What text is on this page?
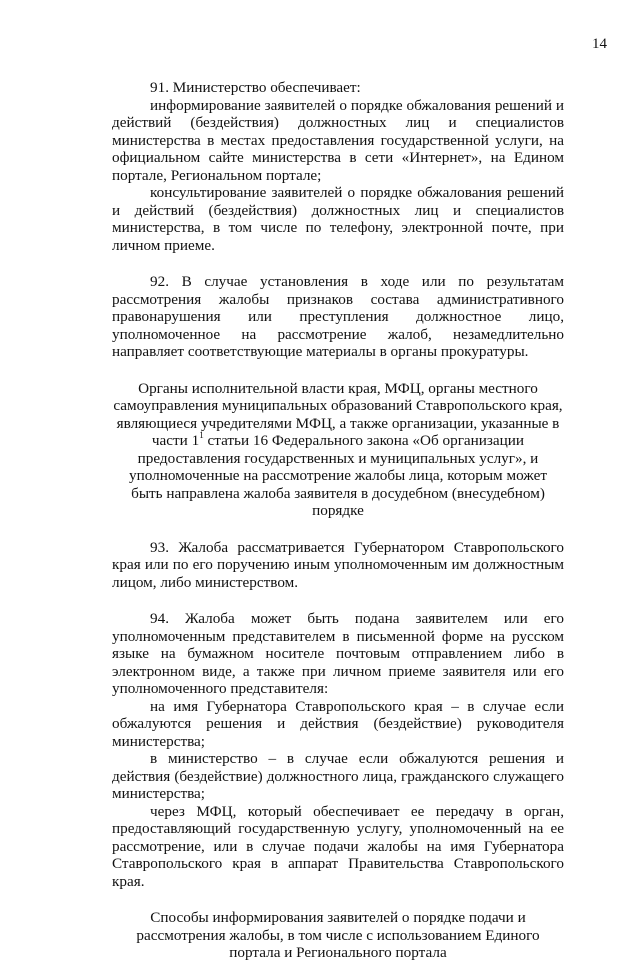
14

91. Министерство обеспечивает:

информирование заявителей о порядке обжалования решений и действий (бездействия) должностных лиц и специалистов министерства в местах предоставления государственной услуги, на официальном сайте министерства в сети «Интернет», на Едином портале, Региональном портале;

консультирование заявителей о порядке обжалования решений и действий (бездействия) должностных лиц и специалистов министерства, в том числе по телефону, электронной почте, при личном приеме.

92. В случае установления в ходе или по результатам рассмотрения жалобы признаков состава административного правонарушения или преступления должностное лицо, уполномоченное на рассмотрение жалоб, незамедлительно направляет соответствующие материалы в органы прокуратуры.

Органы исполнительной власти края, МФЦ, органы местного самоуправления муниципальных образований Ставропольского края, являющиеся учредителями МФЦ, а также организации, указанные в части $1^1$ статьи 16 Федерального закона «Об организации предоставления государственных и муниципальных услуг», и уполномоченные на рассмотрение жалобы лица, которым может быть направлена жалоба заявителя в досудебном (внесудебном)
порядке

93. Жалоба рассматривается Губернатором Ставропольского края или по его поручению иным уполномоченным им должностным лицом, либо министерством.

94. Жалоба может быть подана заявителем или его уполномоченным представителем в письменной форме на русском языке на бумажном носителе почтовым отправлением либо в электронном виде, а также при личном приеме заявителя или его уполномоченного представителя:

на имя Губернатора Ставропольского края – в случае если обжалуются решения и действия (бездействие) руководителя министерства;

в министерство – в случае если обжалуются решения и действия (бездействие) должностного лица, гражданского служащего министерства;

через МФЦ, который обеспечивает ее передачу в орган, предоставляющий государственную услугу, уполномоченный на ее рассмотрение, или в случае подачи жалобы на имя Губернатора Ставропольского края в аппарат Правительства Ставропольского края.

Способы информирования заявителей о порядке подачи и рассмотрения жалобы, в том числе с использованием Единого портала и Регионального портала
